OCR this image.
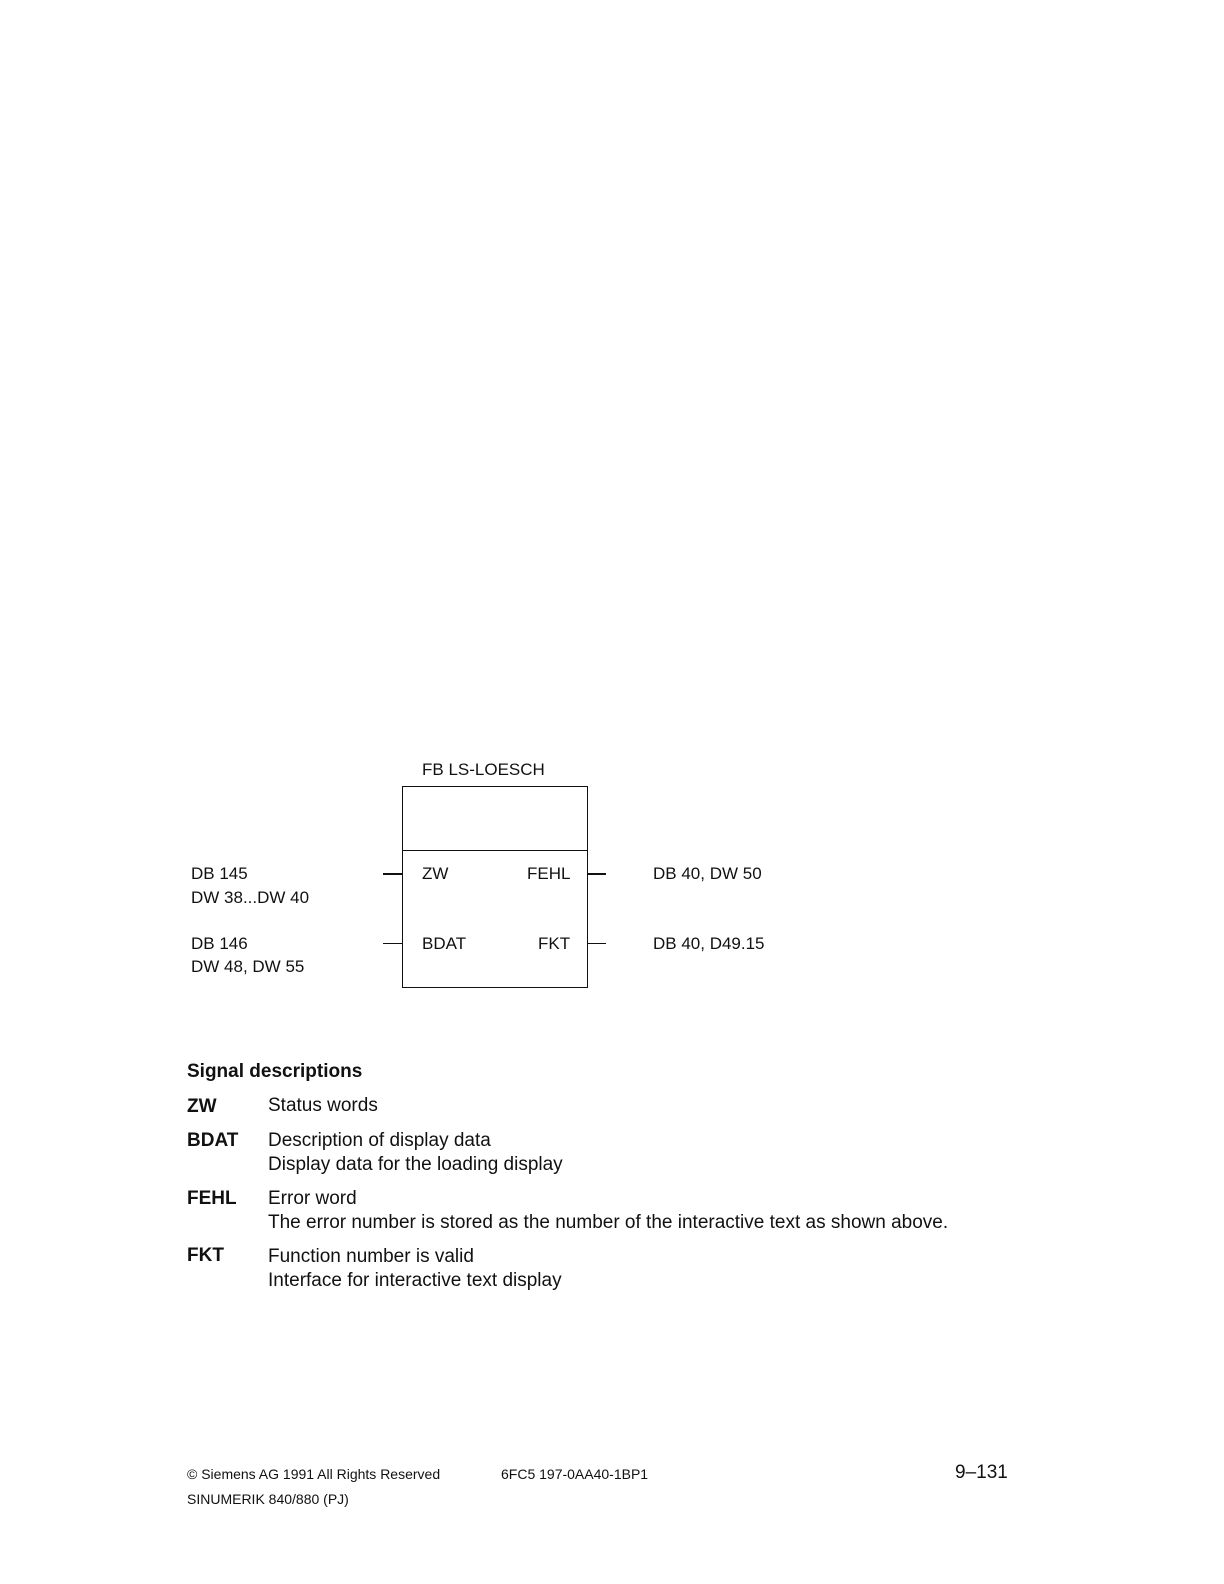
FB LS-LOESCH
DB 145
DW 38...DW 40
ZW
DB 146
DW 48, DW 55
BDAT
FEHL	DB 40, DW 50
FKT	DB 40, D49.15
Signal descriptions
ZW	Status words
BDAT Description of display data
Display data for the loading display
FEHL Error word
The error number is stored as the number of the interactive text as shown above.
FKT Function number is valid
Interface for interactive text display
© Siemens AG 1991 All Rights Reserved	6FC5 197-0AA40-1BP1	9–131
SINUMERIK 840/880 (PJ)
